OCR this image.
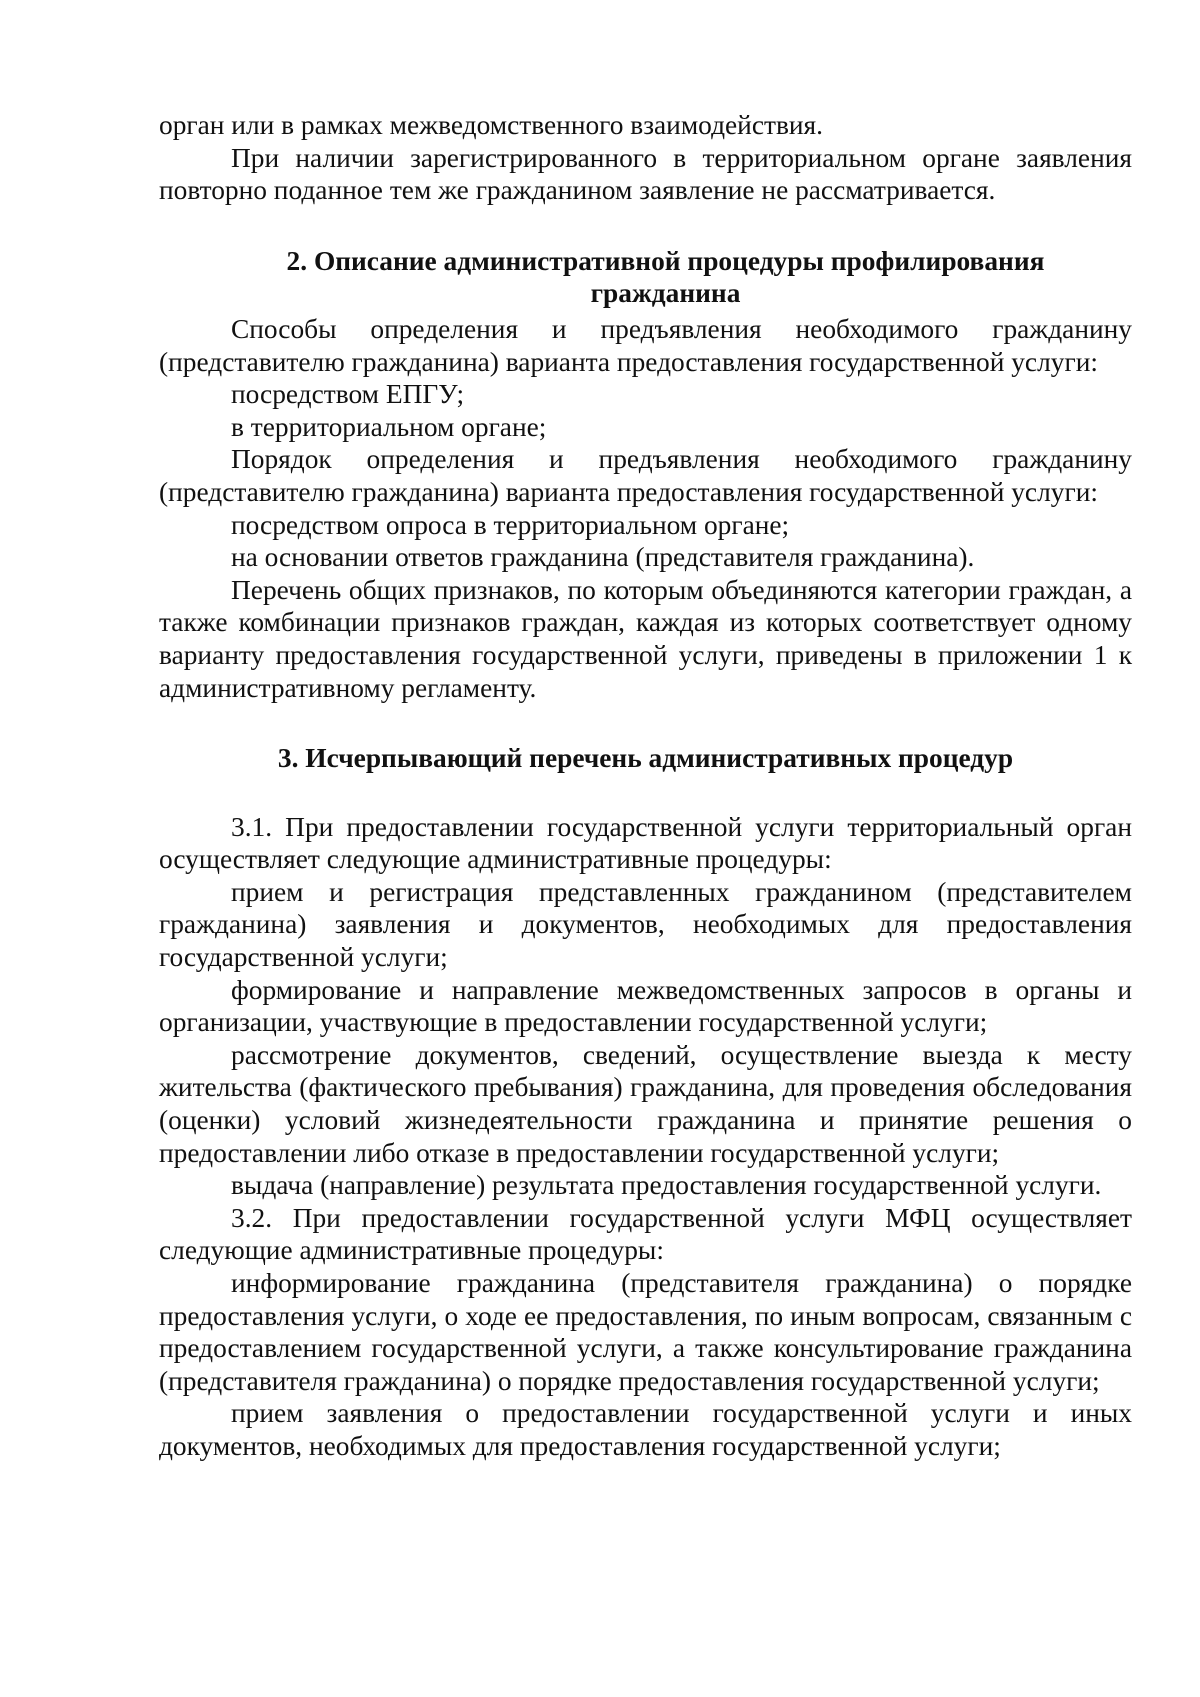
орган или в рамках межведомственного взаимодействия.

При наличии зарегистрированного в территориальном органе заявления повторно поданное тем же гражданином заявление не рассматривается.

2. Описание административной процедуры профилирования
гражданина

Способы определения и предъявления необходимого гражданину (представителю гражданина) варианта предоставления государственной услуги:

посредством ЕПГУ;

в территориальном органе;

Порядок определения и предъявления необходимого гражданину (представителю гражданина) варианта предоставления государственной услуги:

посредством опроса в территориальном органе;

на основании ответов гражданина (представителя гражданина).

Перечень общих признаков, по которым объединяются категории граждан, а также комбинации признаков граждан, каждая из которых соответствует одному варианту предоставления государственной услуги, приведены в приложении 1 к административному регламенту.

3. Исчерпывающий перечень административных процедур

3.1. При предоставлении государственной услуги территориальный орган осуществляет следующие административные процедуры:

прием и регистрация представленных гражданином (представителем гражданина) заявления и документов, необходимых для предоставления государственной услуги;

формирование и направление межведомственных запросов в органы и организации, участвующие в предоставлении государственной услуги;

рассмотрение документов, сведений, осуществление выезда к месту жительства (фактического пребывания) гражданина, для проведения обследования (оценки) условий жизнедеятельности гражданина и принятие решения о предоставлении либо отказе в предоставлении государственной услуги;

выдача (направление) результата предоставления государственной услуги.

3.2. При предоставлении государственной услуги МФЦ осуществляет следующие административные процедуры:

информирование гражданина (представителя гражданина) о порядке предоставления услуги, о ходе ее предоставления, по иным вопросам, связанным с предоставлением государственной услуги, а также консультирование гражданина (представителя гражданина) о порядке предоставления государственной услуги;

прием заявления о предоставлении государственной услуги и иных документов, необходимых для предоставления государственной услуги;
